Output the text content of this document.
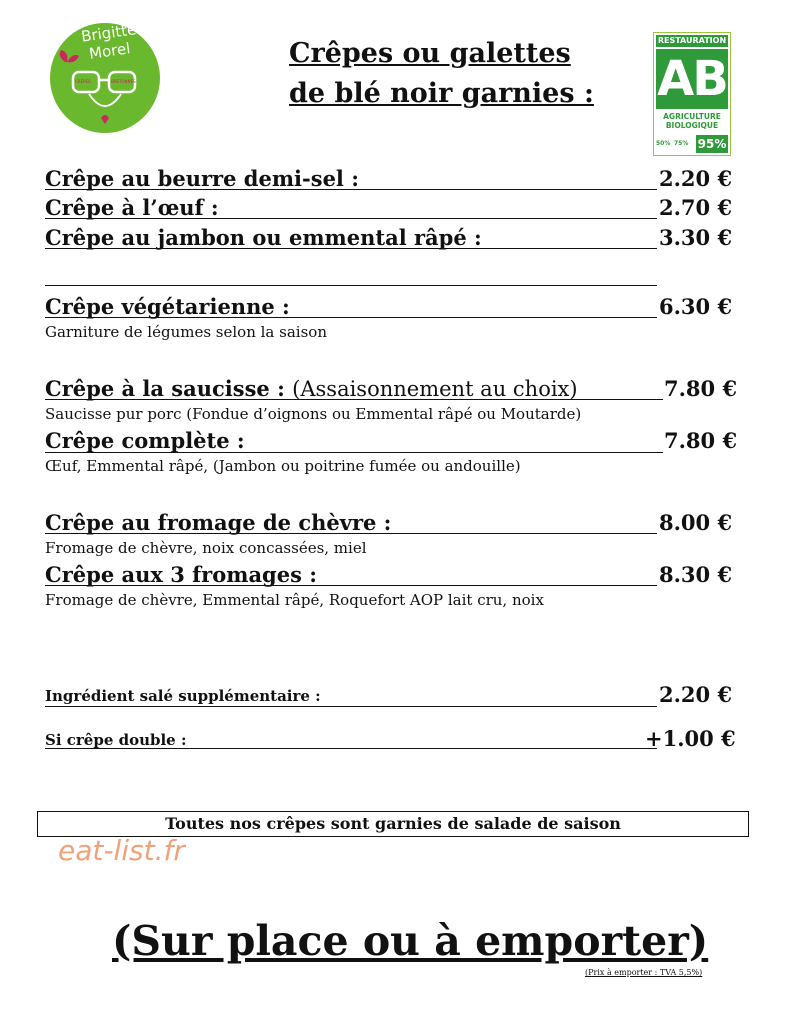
Brigitte
Morel
CRÊPES	BRETONNES
Crêpes ou galettes
de blé noir garnies :
RESTAURATION
AB
AGRICULTURE
BIOLOGIQUE
50% 75% 95%
Crêpe au beurre demi-sel :	2.20 €
Crêpe à l’œuf :	2.70 €
Crêpe au jambon ou emmental râpé :	3.30 €
Crêpe végétarienne :	6.30 €
Garniture de légumes selon la saison
Crêpe à la saucisse : (Assaisonnement au choix)	7.80 €
Saucisse pur porc (Fondue d’oignons ou Emmental râpé ou Moutarde)
Crêpe complète :	7.80 €
Œuf, Emmental râpé, (Jambon ou poitrine fumée ou andouille)
Crêpe au fromage de chèvre :	8.00 €
Fromage de chèvre, noix concassées, miel
Crêpe aux 3 fromages :	8.30 €
Fromage de chèvre, Emmental râpé, Roquefort AOP lait cru, noix
Ingrédient salé supplémentaire :	2.20 €
Si crêpe double :	+1.00 €
Toutes nos crêpes sont garnies de salade de saison
eat-list.fr
(Sur place ou à emporter)
(Prix à emporter : TVA 5,5%)
